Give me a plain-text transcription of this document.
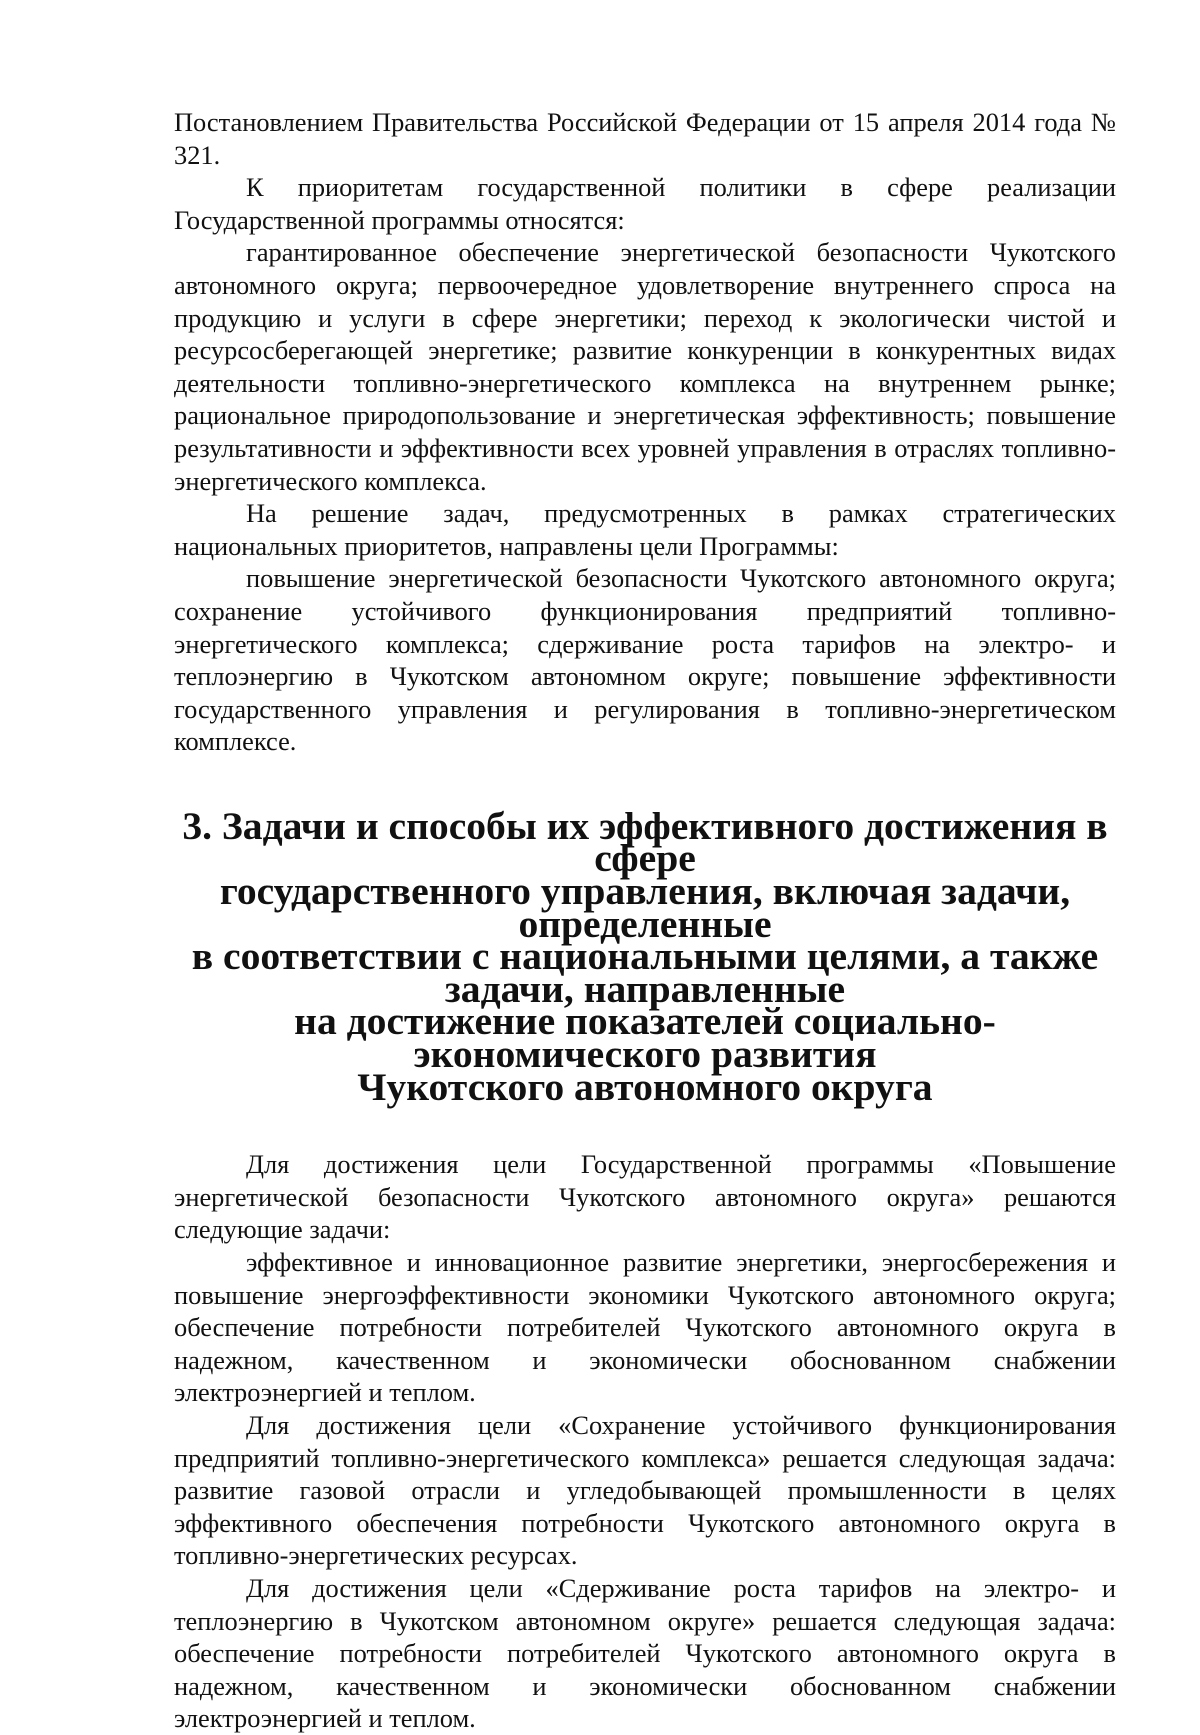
Постановлением Правительства Российской Федерации от 15 апреля 2014 года № 321.

К приоритетам государственной политики в сфере реализации Государственной программы относятся:

гарантированное обеспечение энергетической безопасности Чукотского автономного округа; первоочередное удовлетворение внутреннего спроса на продукцию и услуги в сфере энергетики; переход к экологически чистой и ресурсосберегающей энергетике; развитие конкуренции в конкурентных видах деятельности топливно-энергетического комплекса на внутреннем рынке; рациональное природопользование и энергетическая эффективность; повышение результативности и эффективности всех уровней управления в отраслях топливно-энергетического комплекса.

На решение задач, предусмотренных в рамках стратегических национальных приоритетов, направлены цели Программы:

повышение энергетической безопасности Чукотского автономного округа; сохранение устойчивого функционирования предприятий топливно-энергетического комплекса; сдерживание роста тарифов на электро- и теплоэнергию в Чукотском автономном округе; повышение эффективности государственного управления и регулирования в топливно-энергетическом комплексе.

3. Задачи и способы их эффективного достижения в сфере
государственного управления, включая задачи, определенные
в соответствии с национальными целями, а также задачи, направленные
на достижение показателей социально-экономического развития
Чукотского автономного округа

Для достижения цели Государственной программы «Повышение энергетической безопасности Чукотского автономного округа» решаются следующие задачи:

эффективное и инновационное развитие энергетики, энергосбережения и повышение энергоэффективности экономики Чукотского автономного округа; обеспечение потребности потребителей Чукотского автономного округа в надежном, качественном и экономически обоснованном снабжении электроэнергией и теплом.

Для достижения цели «Сохранение устойчивого функционирования предприятий топливно-энергетического комплекса» решается следующая задача: развитие газовой отрасли и угледобывающей промышленности в целях эффективного обеспечения потребности Чукотского автономного округа в топливно-энергетических ресурсах.

Для достижения цели «Сдерживание роста тарифов на электро- и теплоэнергию в Чукотском автономном округе» решается следующая задача: обеспечение потребности потребителей Чукотского автономного округа в надежном, качественном и экономически обоснованном снабжении электроэнергией и теплом.
